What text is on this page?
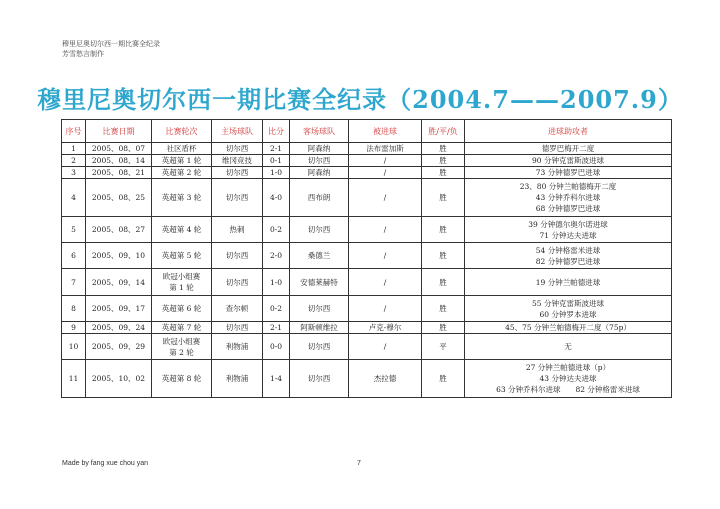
穆里尼奥切尔西一期比赛全纪录
芳雪愁言制作
穆里尼奥切尔西一期比赛全纪录（2004.7——2007.9）
序号	比赛日期	比赛轮次	主场球队	比分	客场球队	被进球	胜/平/负	进球助攻者
1	2005、08、07	社区盾杯	切尔西	2-1	阿森纳	法布雷加斯	胜	德罗巴梅开二度

2	2005、08、14	英超第 1 轮	维冈竞技	0-1	切尔西	/	胜	90 分钟克雷斯波进球

3	2005、08、21	英超第 2 轮	切尔西	1-0	阿森纳	/	胜	73 分钟德罗巴进球

4	2005、08、25	英超第 3 轮	切尔西	4-0	西布朗	/	胜	23、80 分钟兰帕德梅开二度
43 分钟乔科尔进球
68 分钟德罗巴进球

5	2005、08、27	英超第 4 轮	热刺	0-2	切尔西	/	胜	39 分钟德尔奥尔诺进球
71 分钟达夫进球

6	2005、09、10	英超第 5 轮	切尔西	2-0	桑德兰	/	胜	54 分钟格雷米进球
82 分钟德罗巴进球

7	2005、09、14	欧冠小组赛
第 1 轮	切尔西	1-0	安德莱赫特	/	胜	19 分钟兰帕德进球

8	2005、09、17	英超第 6 轮	查尔顿	0-2	切尔西	/	胜	55 分钟克雷斯波进球
60 分钟罗本进球

9	2005、09、24	英超第 7 轮	切尔西	2-1	阿斯顿维拉	卢克-穆尔	胜	45、75 分钟兰帕德梅开二度（75p）

10	2005、09、29	欧冠小组赛
第 2 轮	利物浦	0-0	切尔西	/	平	无

11	2005、10、02	英超第 8 轮	利物浦	1-4	切尔西	杰拉德	胜	27 分钟兰帕德进球（p）
43 分钟达夫进球
63 分钟乔科尔进球　　82 分钟格雷米进球
Made by fang xue chou yan	7
